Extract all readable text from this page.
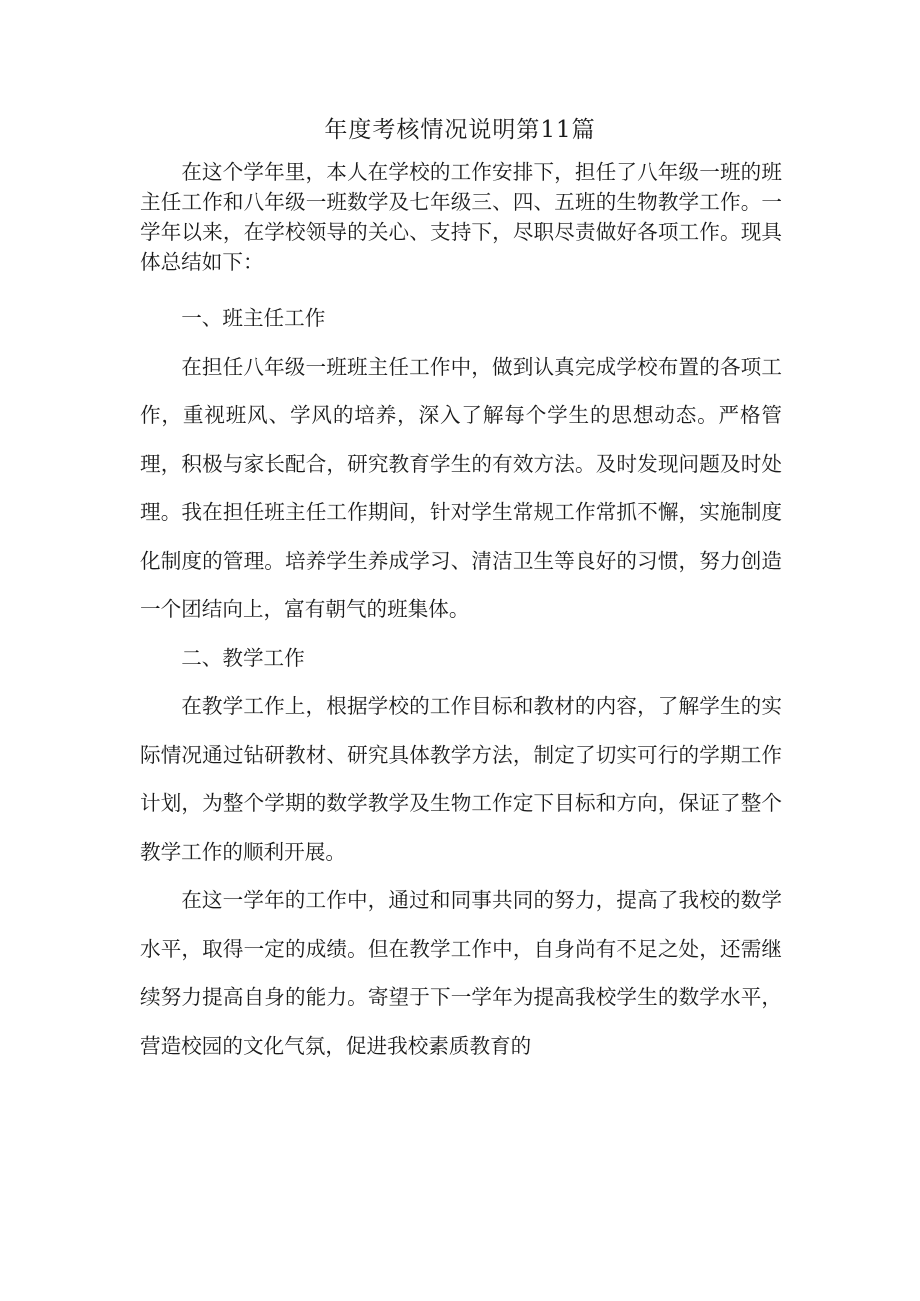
年度考核情况说明第11篇

在这个学年里，本人在学校的工作安排下，担任了八年级一班的班主任工作和八年级一班数学及七年级三、四、五班的生物教学工作。一学年以来，在学校领导的关心、支持下，尽职尽责做好各项工作。现具体总结如下：

一、班主任工作

在担任八年级一班班主任工作中，做到认真完成学校布置的各项工作，重视班风、学风的培养，深入了解每个学生的思想动态。严格管理，积极与家长配合，研究教育学生的有效方法。及时发现问题及时处理。我在担任班主任工作期间，针对学生常规工作常抓不懈，实施制度化制度的管理。培养学生养成学习、清洁卫生等良好的习惯，努力创造一个团结向上，富有朝气的班集体。

二、教学工作

在教学工作上，根据学校的工作目标和教材的内容，了解学生的实际情况通过钻研教材、研究具体教学方法，制定了切实可行的学期工作计划，为整个学期的数学教学及生物工作定下目标和方向，保证了整个教学工作的顺利开展。

在这一学年的工作中，通过和同事共同的努力，提高了我校的数学水平，取得一定的成绩。但在教学工作中，自身尚有不足之处，还需继续努力提高自身的能力。寄望于下一学年为提高我校学生的数学水平，营造校园的文化气氛，促进我校素质教育的
